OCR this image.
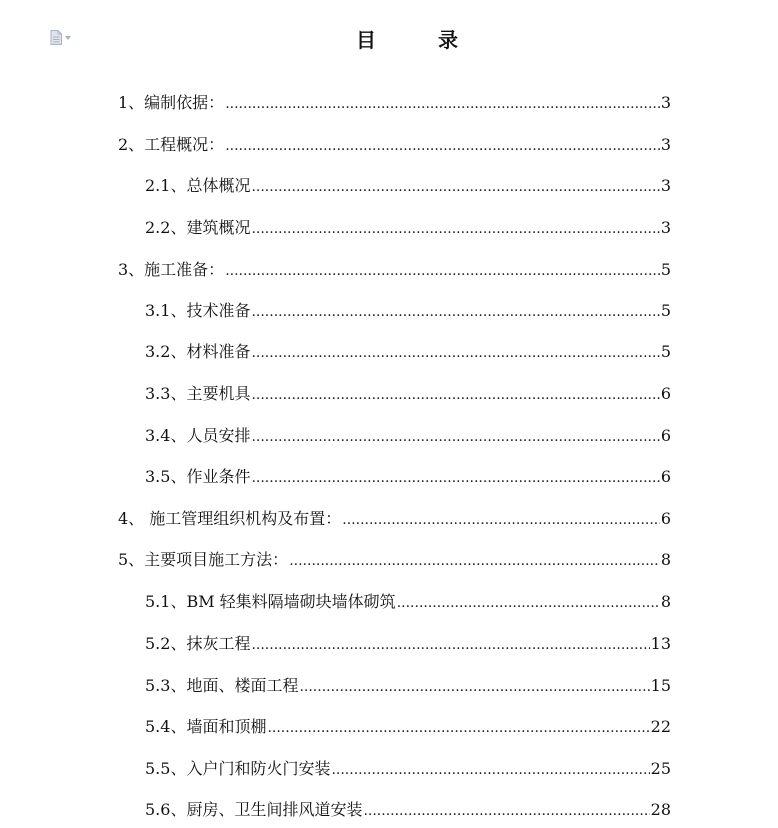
目	录
1、编制依据： .....	3
2、工程概况： .....	3
2.1、总体概况 .....	3
2.2、建筑概况 .....	3
3、施工准备： .....	5
3.1、技术准备 .....	5
3.2、材料准备 .....	5
3.3、主要机具 .....	6
3.4、人员安排 .....	6
3.5、作业条件 .....	6
4、 施工管理组织机构及布置： .....	6
5、主要项目施工方法： .....	8
5.1、BM 轻集料隔墙砌块墙体砌筑 .....	8
5.2、抹灰工程 .....	13
5.3、地面、楼面工程 .....	15
5.4、墙面和顶棚 .....	22
5.5、入户门和防火门安装 .....	25
5.6、厨房、卫生间排风道安装 .....	28
